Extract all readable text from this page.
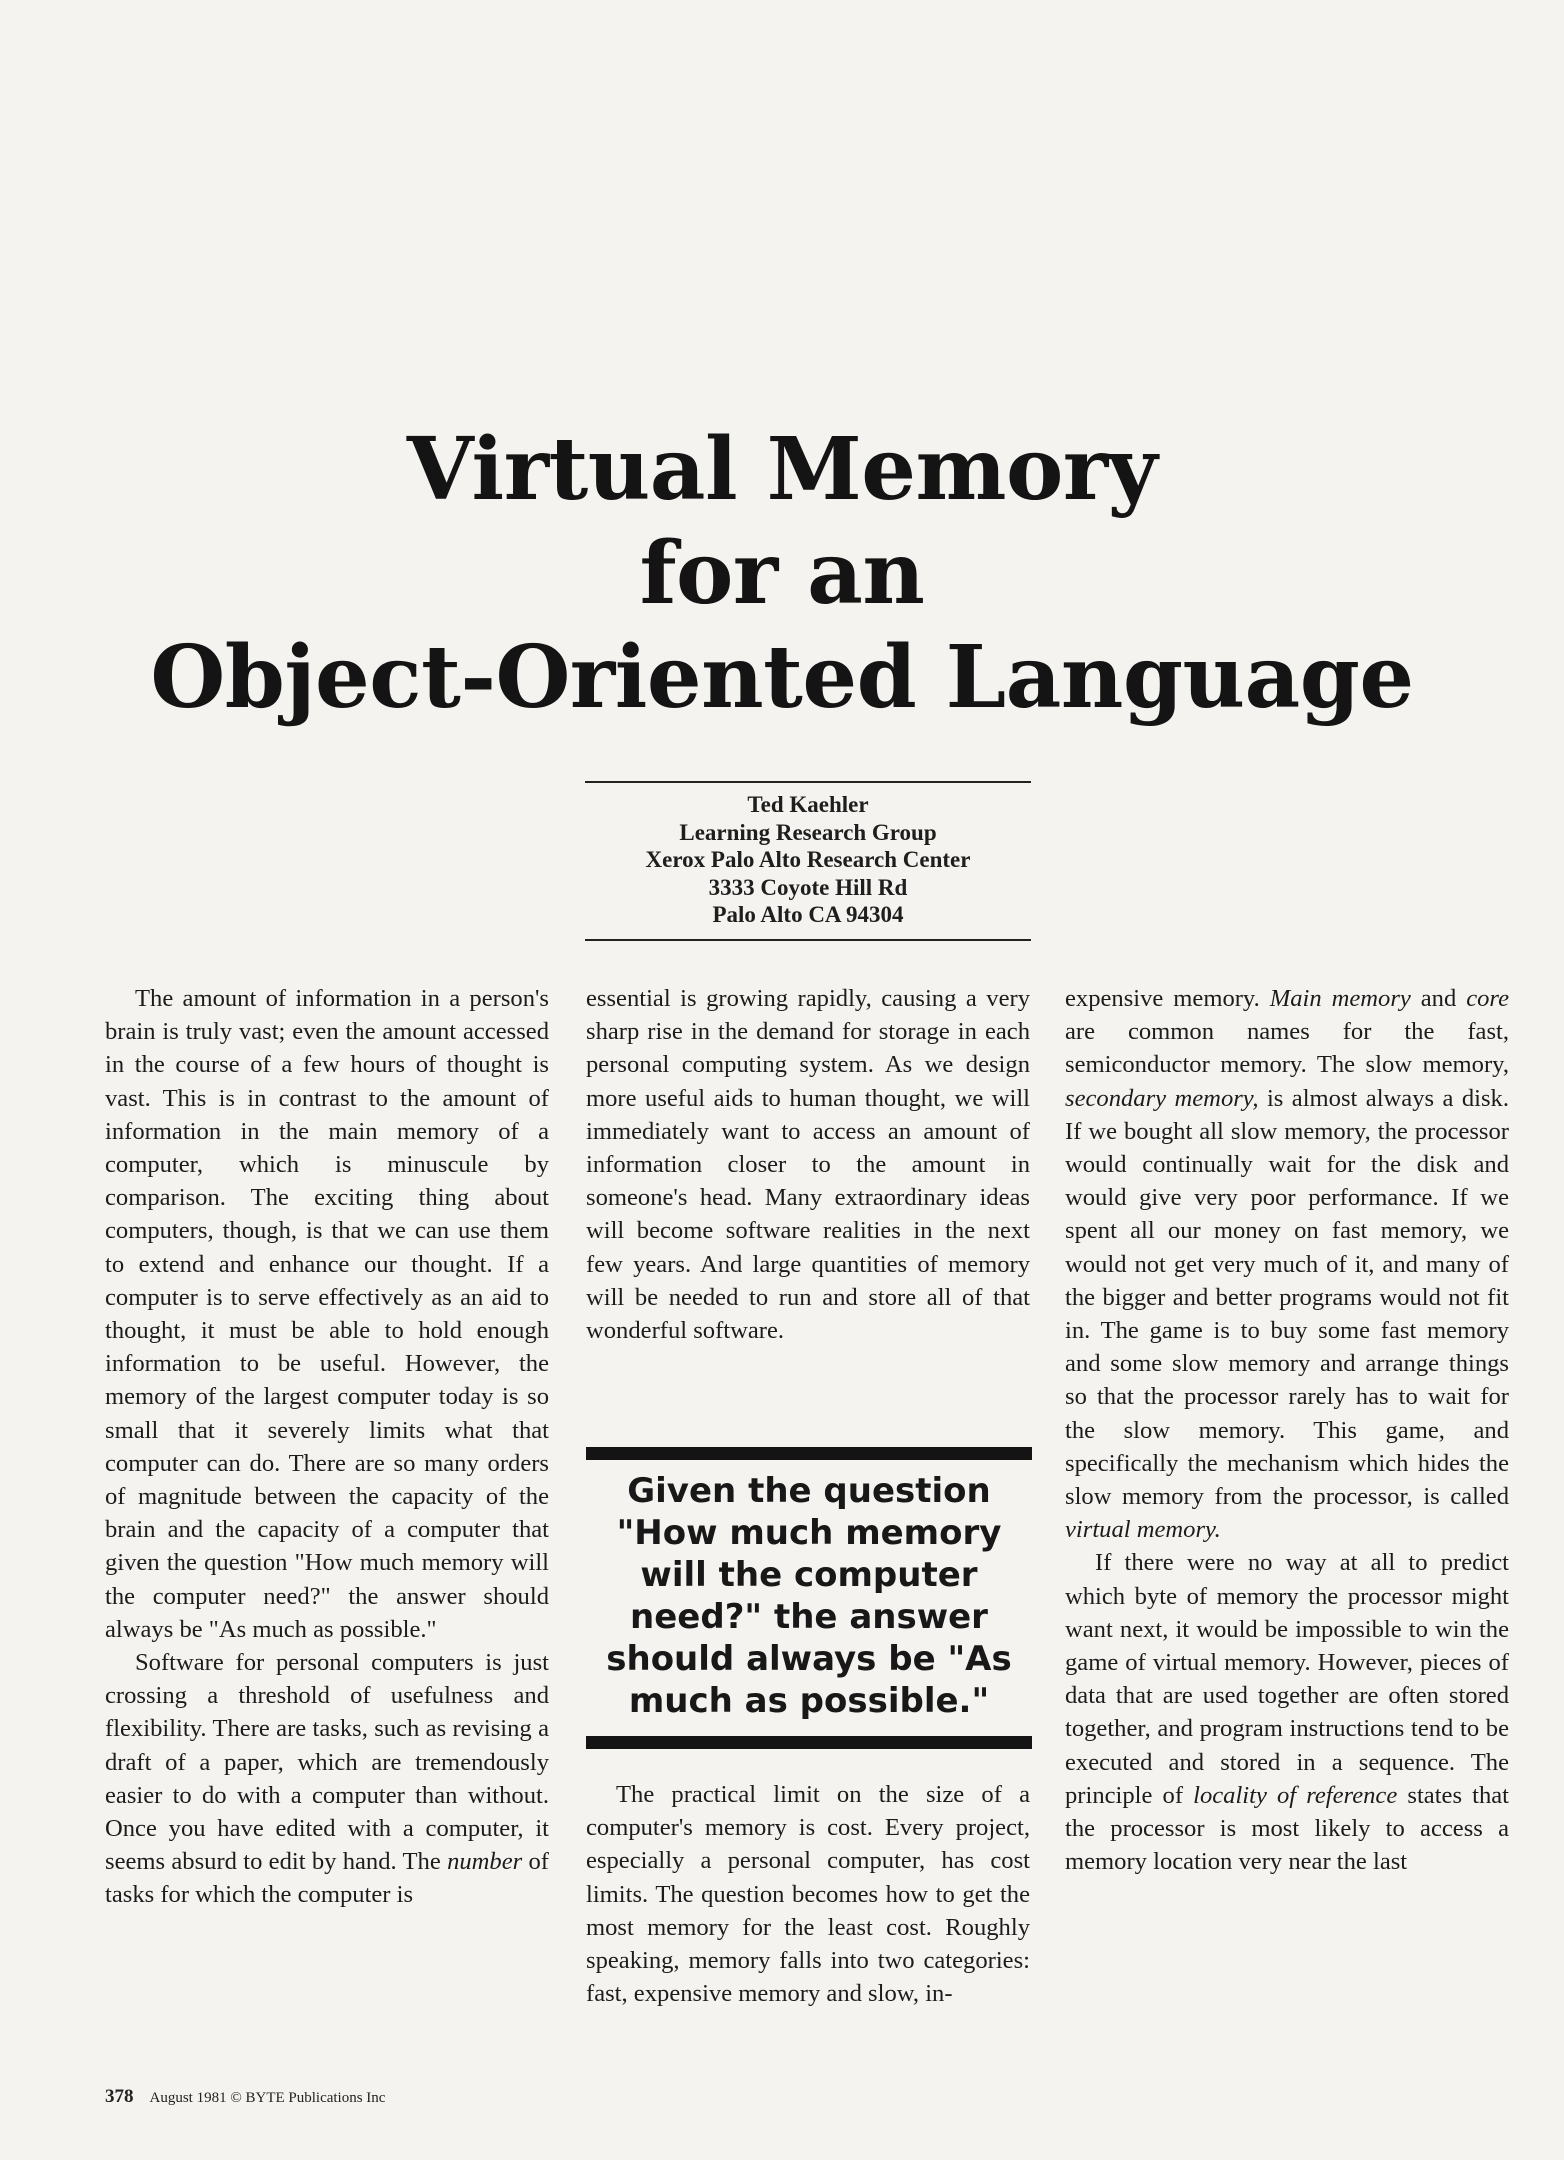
Virtual Memory
for an
Object-Oriented Language
Ted Kaehler
Learning Research Group
Xerox Palo Alto Research Center
3333 Coyote Hill Rd
Palo Alto CA 94304

The amount of information in a person's brain is truly vast; even the amount accessed in the course of a few hours of thought is vast. This is in contrast to the amount of information in the main memory of a computer, which is minuscule by comparison. The exciting thing about computers, though, is that we can use them to extend and enhance our thought. If a computer is to serve effectively as an aid to thought, it must be able to hold enough information to be useful. However, the memory of the largest computer today is so small that it severely limits what that computer can do. There are so many orders of magnitude between the capacity of the brain and the capacity of a computer that given the question "How much memory will the computer need?" the answer should always be "As much as possible."

Software for personal computers is just crossing a threshold of usefulness and flexibility. There are tasks, such as revising a draft of a paper, which are tremendously easier to do with a computer than without. Once you have edited with a computer, it seems absurd to edit by hand. The number of tasks for which the computer is

essential is growing rapidly, causing a very sharp rise in the demand for storage in each personal computing system. As we design more useful aids to human thought, we will immediately want to access an amount of information closer to the amount in someone's head. Many extraordinary ideas will become software realities in the next few years. And large quantities of memory will be needed to run and store all of that wonderful software.

Given the question "How much memory will the computer need?" the answer should always be "As much as possible."

The practical limit on the size of a computer's memory is cost. Every project, especially a personal computer, has cost limits. The question becomes how to get the most memory for the least cost. Roughly speaking, memory falls into two categories: fast, expensive memory and slow, in-

expensive memory. Main memory and core are common names for the fast, semiconductor memory. The slow memory, secondary memory, is almost always a disk. If we bought all slow memory, the processor would continually wait for the disk and would give very poor performance. If we spent all our money on fast memory, we would not get very much of it, and many of the bigger and better programs would not fit in. The game is to buy some fast memory and some slow memory and arrange things so that the processor rarely has to wait for the slow memory. This game, and specifically the mechanism which hides the slow memory from the processor, is called virtual memory.

If there were no way at all to predict which byte of memory the processor might want next, it would be impossible to win the game of virtual memory. However, pieces of data that are used together are often stored together, and program instructions tend to be executed and stored in a sequence. The principle of locality of reference states that the processor is most likely to access a memory location very near the last

378 August 1981 © BYTE Publications Inc
